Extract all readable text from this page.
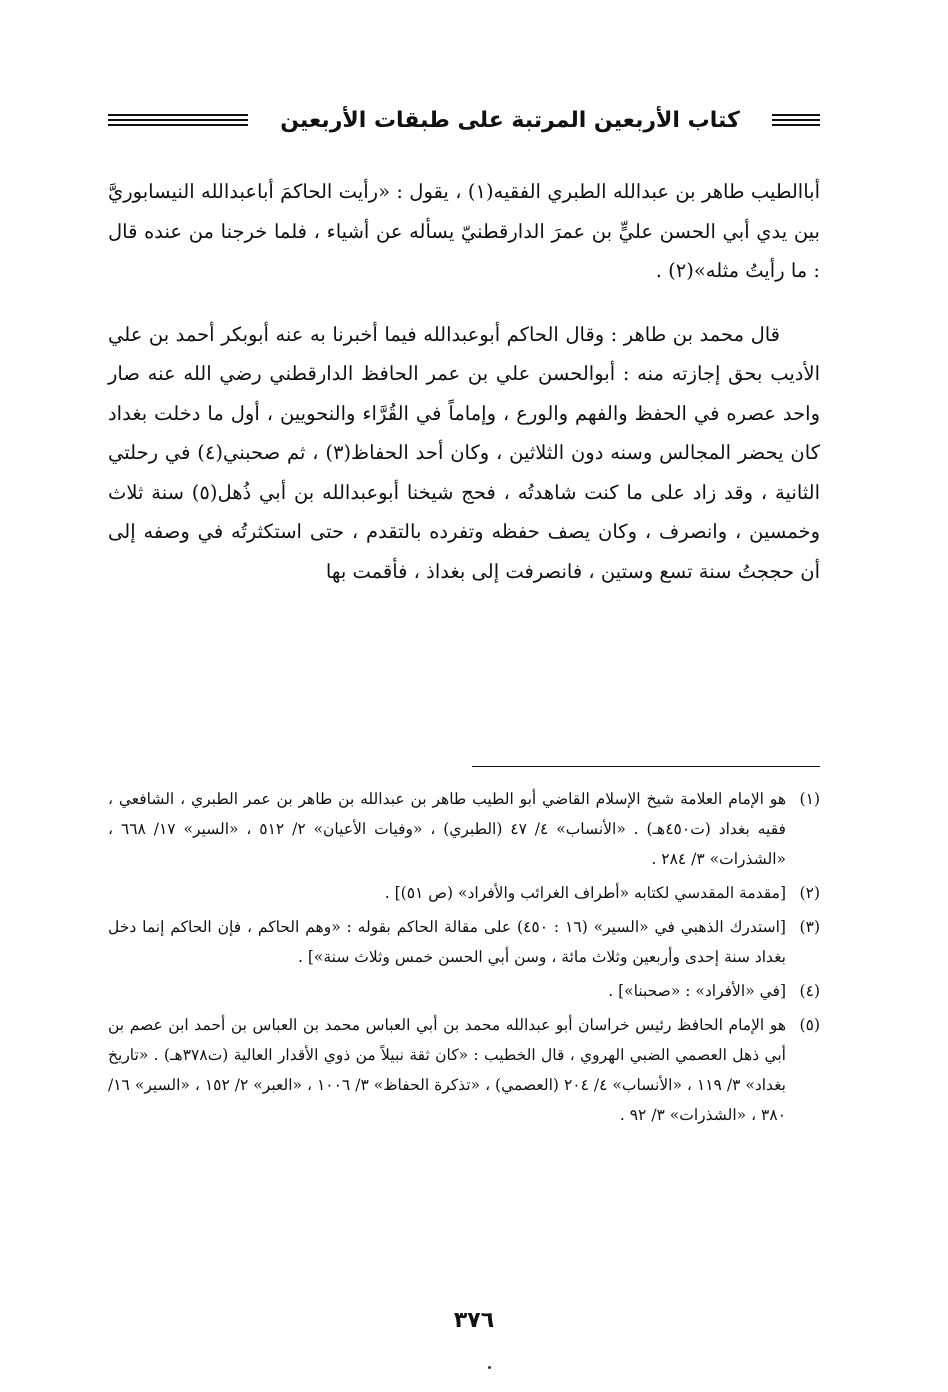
كتاب الأربعين المرتبة على طبقات الأربعين

أباالطيب طاهر بن عبدالله الطبري الفقيه(١) ، يقول : «رأيت الحاكمَ أباعبدالله النيسابوريَّ بين يدي أبي الحسن عليٍّ بن عمرَ الدارقطنيّ يسأله عن أشياء ، فلما خرجنا من عنده قال : ما رأيتُ مثله»(٢) .

قال محمد بن طاهر : وقال الحاكم أبوعبدالله فيما أخبرنا به عنه أبوبكر أحمد بن علي الأديب بحق إجازته منه : أبوالحسن علي بن عمر الحافظ الدارقطني رضي الله عنه صار واحد عصره في الحفظ والفهم والورع ، وإماماً في القُرَّاء والنحويين ، أول ما دخلت بغداد كان يحضر المجالس وسنه دون الثلاثين ، وكان أحد الحفاظ(٣) ، ثم صحبني(٤) في رحلتي الثانية ، وقد زاد على ما كنت شاهدتُه ، فحج شيخنا أبوعبدالله بن أبي ذُهل(٥) سنة ثلاث وخمسين ، وانصرف ، وكان يصف حفظه وتفرده بالتقدم ، حتى استكثرتُه في وصفه إلى أن حججتُ سنة تسع وستين ، فانصرفت إلى بغداذ ، فأقمت بها

(١)
هو الإمام العلامة شيخ الإسلام القاضي أبو الطيب طاهر بن عبدالله بن طاهر بن عمر الطبري ، الشافعي ، فقيه بغداد (ت٤٥٠هـ) . «الأنساب» ٤/ ٤٧ (الطبري) ، «وفيات الأعيان» ٢/ ٥١٢ ، «السير» ١٧/ ٦٦٨ ، «الشذرات» ٣/ ٢٨٤ .
(٢)
[مقدمة المقدسي لكتابه «أطراف الغرائب والأفراد» (ص ٥١)] .
(٣)
[استدرك الذهبي في «السير» (١٦ : ٤٥٠) على مقالة الحاكم بقوله : «وهم الحاكم ، فإن الحاكم إنما دخل بغداد سنة إحدى وأربعين وثلاث مائة ، وسن أبي الحسن خمس وثلاث سنة»] .
(٤)
[في «الأفراد» : «صحبنا»] .
(٥)
هو الإمام الحافظ رئيس خراسان أبو عبدالله محمد بن أبي العباس محمد بن العباس بن أحمد ابن عصم بن أبي ذهل العصمي الضبي الهروي ، قال الخطيب : «كان ثقة نبيلاً من ذوي الأقدار العالية (ت٣٧٨هـ) . «تاريخ بغداد» ٣/ ١١٩ ، «الأنساب» ٤/ ٢٠٤ (العصمي) ، «تذكرة الحفاظ» ٣/ ١٠٠٦ ، «العبر» ٢/ ١٥٢ ، «السير» ١٦/ ٣٨٠ ، «الشذرات» ٣/ ٩٢ .
٣٧٦
